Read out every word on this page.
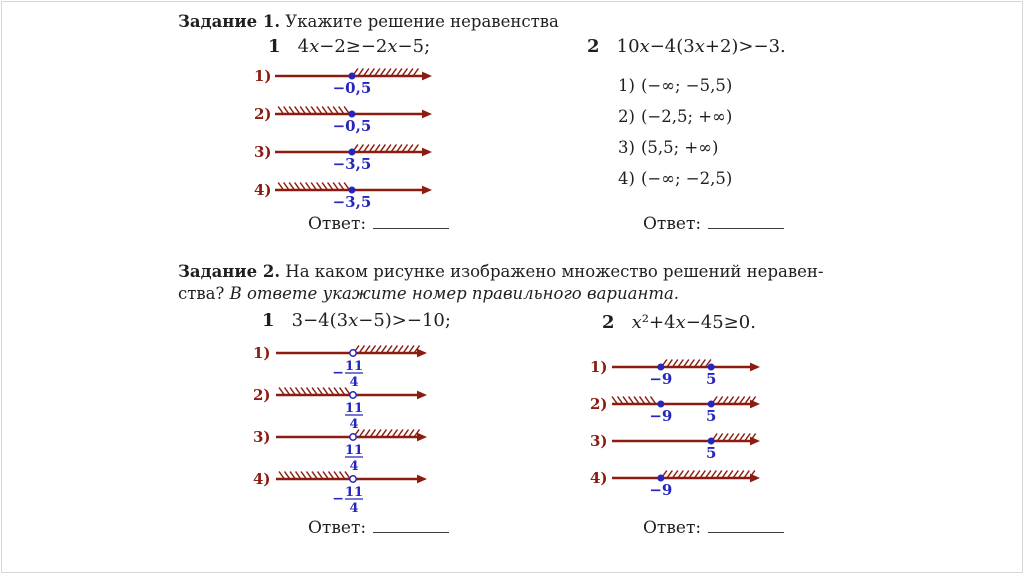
Задание 1. Укажите решение неравенства
1 4x−2≥−2x−5;	2 10x−4(3x+2)>−3.
1)
−0,5
2)
−0,5
3)
−3,5
4)
−3,5
1) (−∞; −5,5)
2) (−2,5; +∞)
3) (5,5; +∞)
4) (−∞; −2,5)
Ответ:	Ответ:
Задание 2. На каком рисунке изображено множество решений неравен-
ства? В ответе укажите номер правильного варианта.
1 3−4(3x−5)>−10;	2 x²+4x−45≥0.
1)
− 11
4
2)
11
4
3)
11
4
4)
− 11
4
1)
−9 5
2)
−9 5
3)
5
4)
−9
Ответ:	Ответ:
